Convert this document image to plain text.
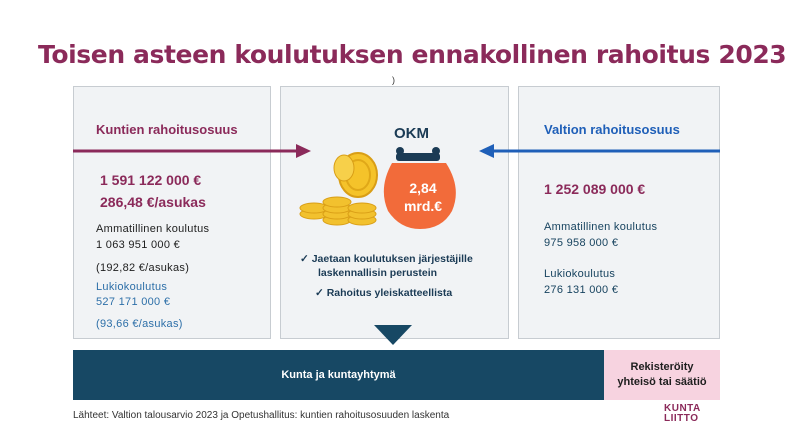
Toisen asteen koulutuksen ennakollinen rahoitus 2023
)
Kuntien rahoitusosuus
1 591 122 000 €
286,48 €/asukas
Ammatillinen koulutus
1 063 951 000 €
(192,82 €/asukas)
Lukiokoulutus
527 171 000 €
(93,66 €/asukas)
OKM
2,84
mrd.€
✓ Jaetaan koulutuksen järjestäjille
laskennallisin perustein
✓ Rahoitus yleiskatteellista
Valtion rahoitusosuus
1 252 089 000 €
Ammatillinen koulutus
975 958 000 €
Lukiokoulutus
276 131 000 €
Kunta ja kuntayhtymä
Rekisteröity
yhteisö tai säätiö
Lähteet: Valtion talousarvio 2023 ja Opetushallitus: kuntien rahoitusosuuden laskenta
KUNTA
LIITTO
